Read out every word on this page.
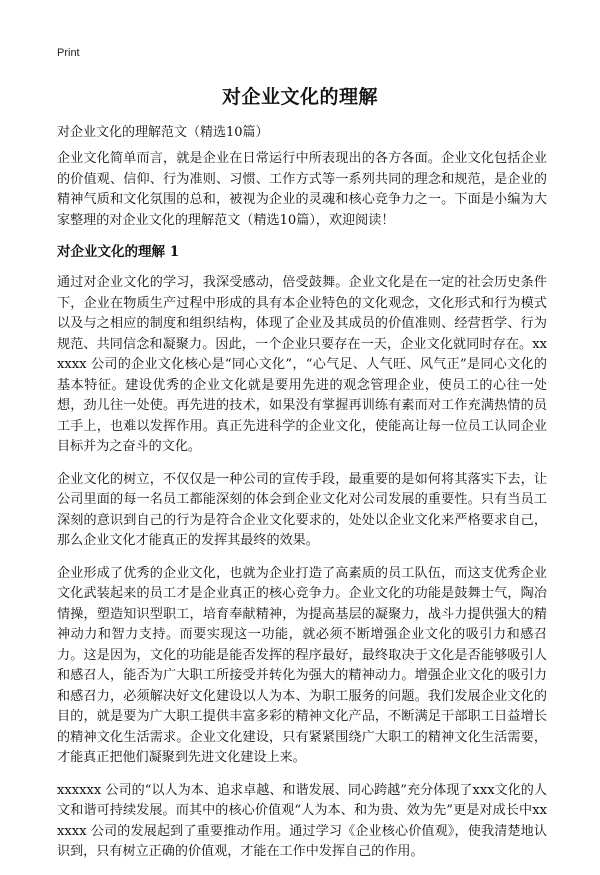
Print
对企业文化的理解

对企业文化的理解范文（精选10篇）

企业文化简单而言，就是企业在日常运行中所表现出的各方各面。企业文化包括企业的价值观、信仰、行为准则、习惯、工作方式等一系列共同的理念和规范，是企业的精神气质和文化氛围的总和，被视为企业的灵魂和核心竞争力之一。下面是小编为大家整理的对企业文化的理解范文（精选10篇），欢迎阅读！

对企业文化的理解 1

通过对企业文化的学习，我深受感动，倍受鼓舞。企业文化是在一定的社会历史条件下，企业在物质生产过程中形成的具有本企业特色的文化观念，文化形式和行为模式以及与之相应的制度和组织结构，体现了企业及其成员的价值准则、经营哲学、行为规范、共同信念和凝聚力。因此，一个企业只要存在一天，企业文化就同时存在。xxxxxx 公司的企业文化核心是“同心文化”，“心气足、人气旺、风气正”是同心文化的基本特征。建设优秀的企业文化就是要用先进的观念管理企业，使员工的心往一处想，劲儿往一处使。再先进的技术，如果没有掌握再训练有素而对工作充满热情的员工手上，也难以发挥作用。真正先进科学的企业文化，使能高让每一位员工认同企业目标并为之奋斗的文化。

企业文化的树立，不仅仅是一种公司的宣传手段，最重要的是如何将其落实下去，让公司里面的每一名员工都能深刻的体会到企业文化对公司发展的重要性。只有当员工深刻的意识到自己的行为是符合企业文化要求的，处处以企业文化来严格要求自己，那么企业文化才能真正的发挥其最终的效果。

企业形成了优秀的企业文化，也就为企业打造了高素质的员工队伍，而这支优秀企业文化武装起来的员工才是企业真正的核心竞争力。企业文化的功能是鼓舞士气，陶冶情操，塑造知识型职工，培育奉献精神，为提高基层的凝聚力，战斗力提供强大的精神动力和智力支持。而要实现这一功能，就必须不断增强企业文化的吸引力和感召力。这是因为，文化的功能是能否发挥的程序最好，最终取决于文化是否能够吸引人和感召人，能否为广大职工所接受并转化为强大的精神动力。增强企业文化的吸引力和感召力，必须解决好文化建设以人为本、为职工服务的问题。我们发展企业文化的目的，就是要为广大职工提供丰富多彩的精神文化产品，不断满足干部职工日益增长的精神文化生活需求。企业文化建设，只有紧紧围绕广大职工的精神文化生活需要，才能真正把他们凝聚到先进文化建设上来。

xxxxxx 公司的“以人为本、追求卓越、和谐发展、同心跨越”充分体现了xxx文化的人文和谐可持续发展。而其中的核心价值观“人为本、和为贵、效为先”更是对成长中xxxxxx 公司的发展起到了重要推动作用。通过学习《企业核心价值观》，使我清楚地认识到，只有树立正确的价值观，才能在工作中发挥自己的作用。
